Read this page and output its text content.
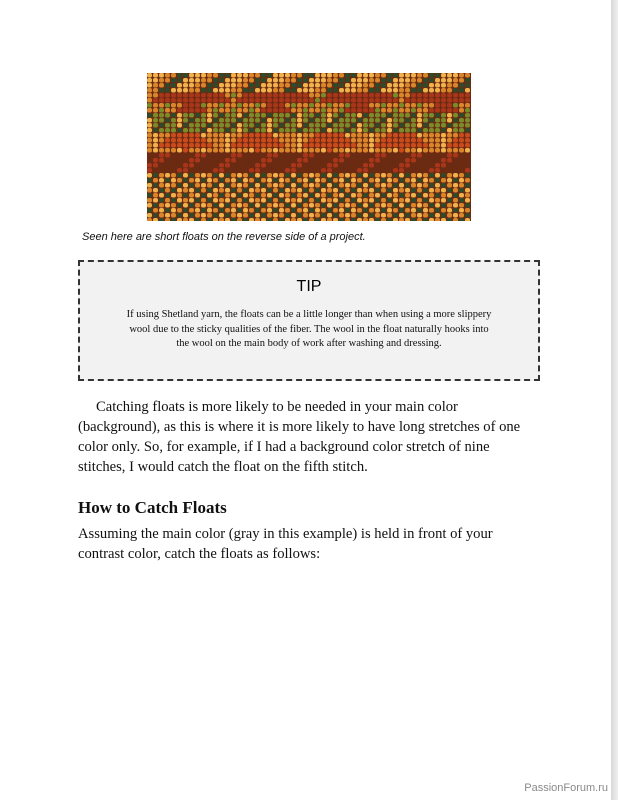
Seen here are short floats on the reverse side of a project.
TIP
If using Shetland yarn, the floats can be a little longer than when using a more slippery wool due to the sticky qualities of the fiber. The wool in the float naturally hooks into the wool on the main body of work after washing and dressing.
Catching floats is more likely to be needed in your main color (background), as this is where it is more likely to have long stretches of one color only. So, for example, if I had a background color stretch of nine stitches, I would catch the float on the fifth stitch.
How to Catch Floats
Assuming the main color (gray in this example) is held in front of your contrast color, catch the floats as follows:
PassionForum.ru
